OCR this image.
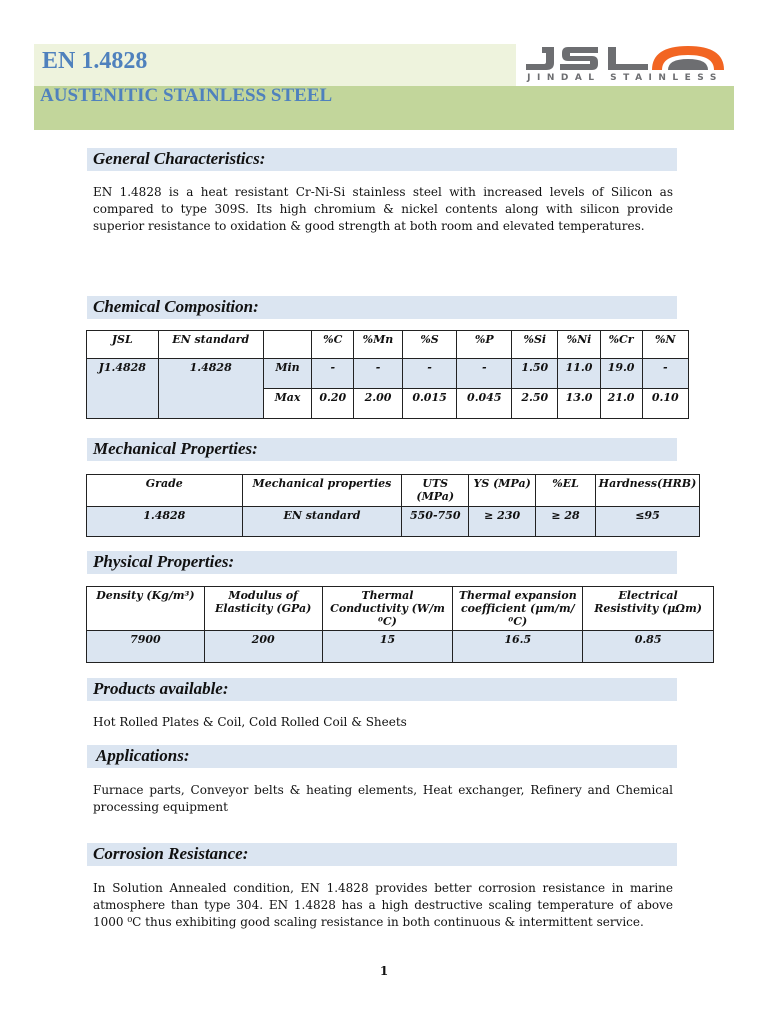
EN 1.4828
AUSTENITIC STAINLESS STEEL
JINDAL STAINLESS
General Characteristics:
EN 1.4828 is a heat resistant Cr-Ni-Si stainless steel with increased levels of Silicon as compared to type 309S. Its high chromium & nickel contents along with silicon provide superior resistance to oxidation & good strength at both room and elevated temperatures.
Chemical Composition:
JSL	EN standard		%C	%Mn	%S	%P	%Si	%Ni	%Cr	%N
J1.4828	1.4828	Min	-	-	-	-	1.50	11.0	19.0	-
		Max	0.20	2.00	0.015	0.045	2.50	13.0	21.0	0.10
Mechanical Properties:
Grade	Mechanical properties	UTS (MPa)	YS (MPa)	%EL	Hardness(HRB)
1.4828	EN standard	550-750	≥ 230	≥ 28	≤95
Physical Properties:
Density (Kg/m³)	Modulus of Elasticity (GPa)	Thermal Conductivity (W/m ⁰C)	Thermal expansion coefficient (μm/m/ ⁰C)	Electrical Resistivity (μΩm)
7900	200	15	16.5	0.85
Products available:
Hot Rolled Plates & Coil, Cold Rolled Coil & Sheets
Applications:
Furnace parts, Conveyor belts & heating elements, Heat exchanger, Refinery and Chemical processing equipment
Corrosion Resistance:
In Solution Annealed condition, EN 1.4828 provides better corrosion resistance in marine atmosphere than type 304. EN 1.4828 has a high destructive scaling temperature of above 1000 ⁰C thus exhibiting good scaling resistance in both continuous & intermittent service.
1
